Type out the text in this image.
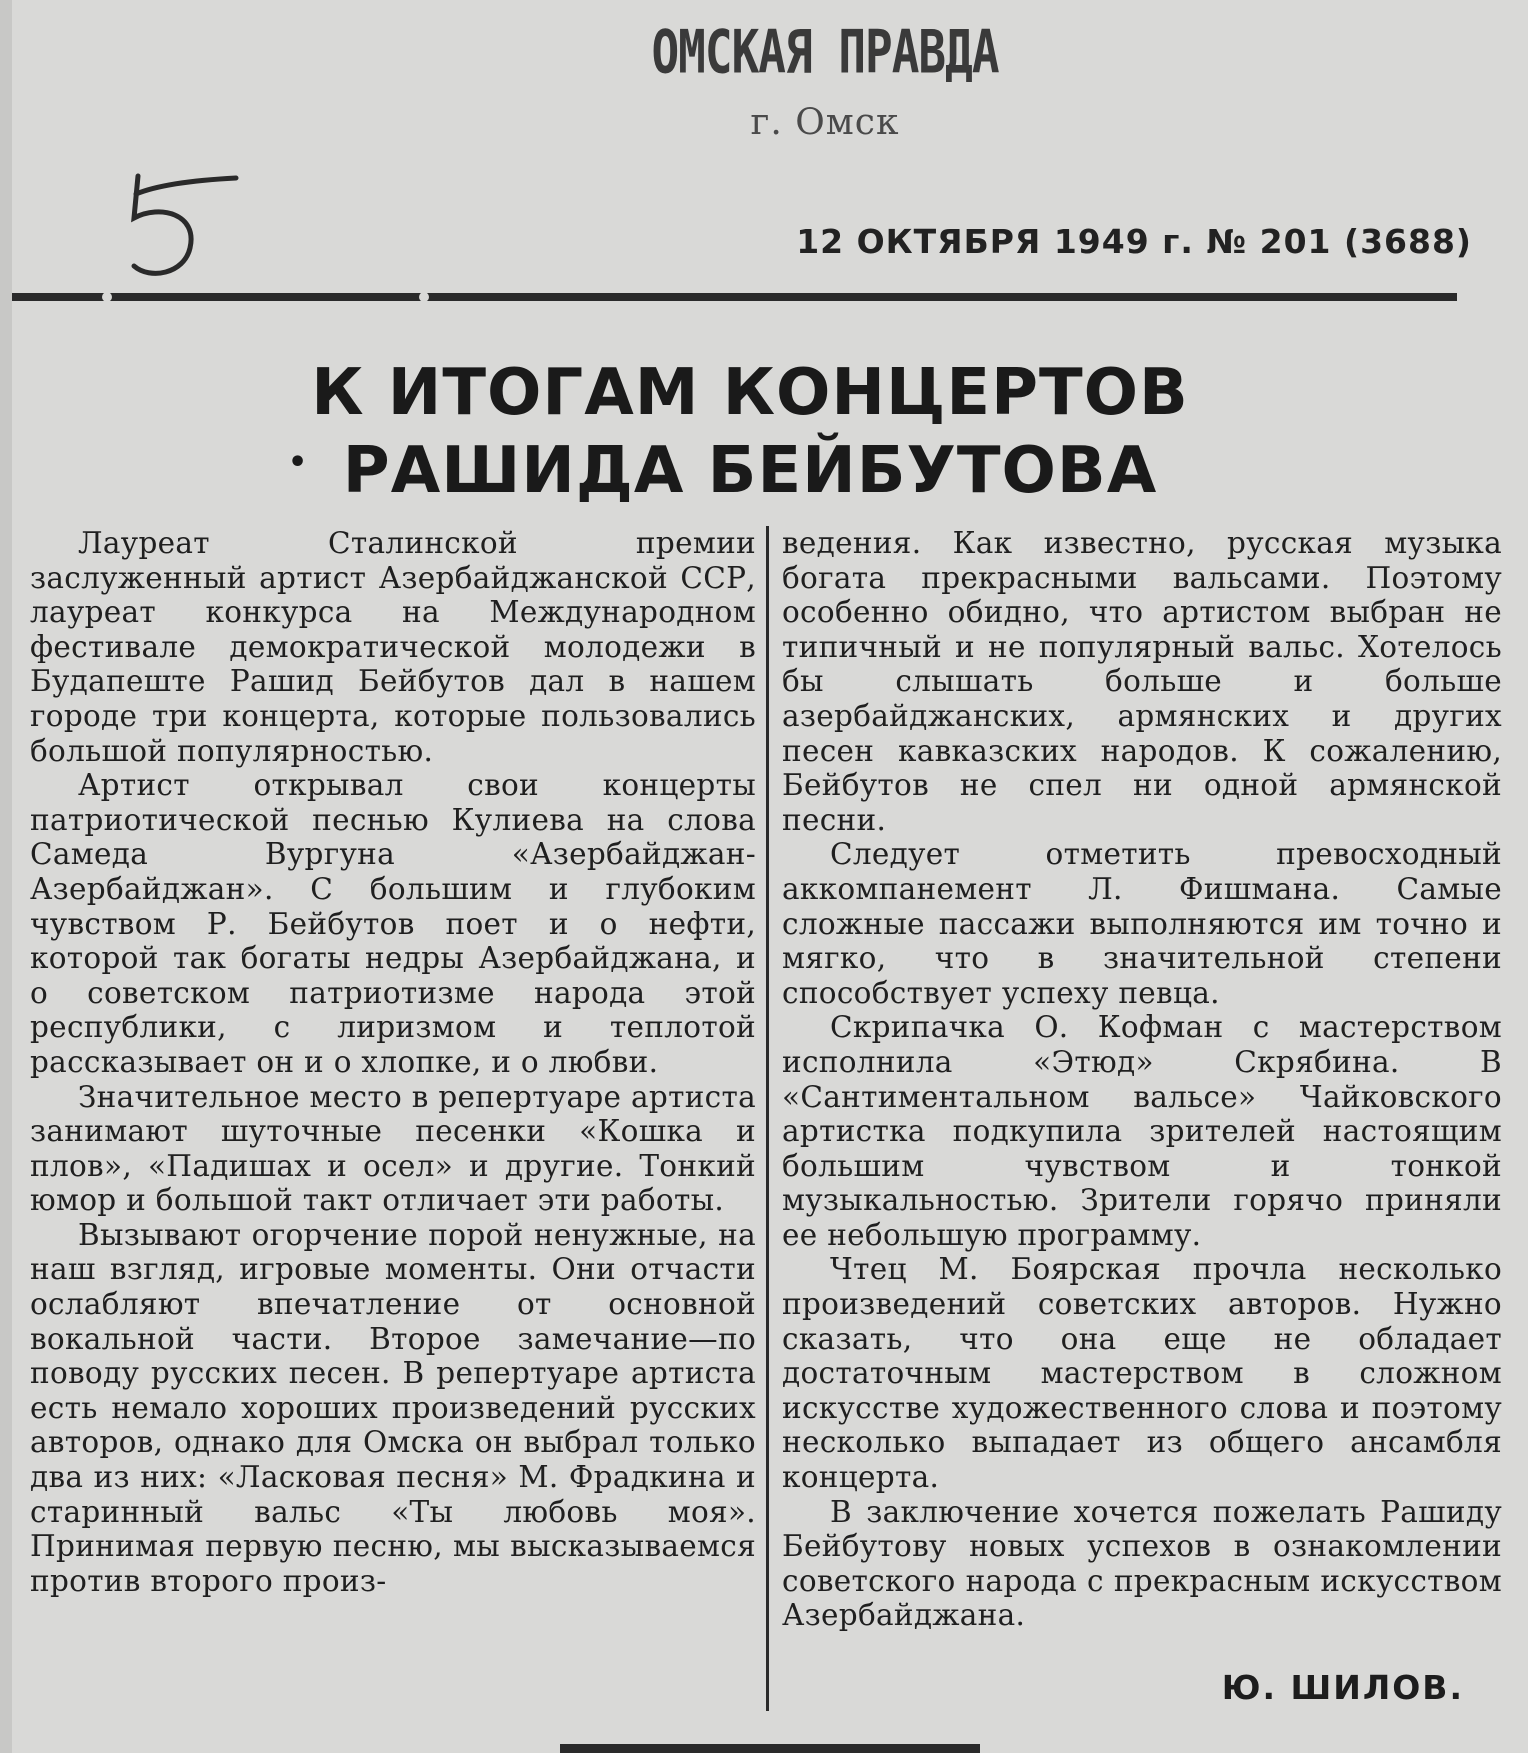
ОМСКАЯ ПРАВДА
г. Омск
12 ОКТЯБРЯ 1949 г. № 201 (3688)
•
К ИТОГАМ КОНЦЕРТОВ
РАШИДА БЕЙБУТОВА

Лауреат Сталинской премии заслуженный артист Азербайджанской ССР, лауреат конкурса на Международном фестивале демократической молодежи в Будапеште Рашид Бейбутов дал в нашем городе три концерта, которые пользовались большой популярностью.

Артист открывал свои концерты патриотической песнью Кулиева на слова Самеда Вургуна «Азербайджан-Азербайджан». С большим и глубоким чувством Р. Бейбутов поет и о нефти, которой так богаты недры Азербайджана, и о советском патриотизме народа этой республики, с лиризмом и теплотой рассказывает он и о хлопке, и о любви.

Значительное место в репертуаре артиста занимают шуточные песенки «Кошка и плов», «Падишах и осел» и другие. Тонкий юмор и большой такт отличает эти работы.

Вызывают огорчение порой ненужные, на наш взгляд, игровые моменты. Они отчасти ослабляют впечатление от основной вокальной части. Второе замечание—по поводу русских песен. В репертуаре артиста есть немало хороших произведений русских авторов, однако для Омска он выбрал только два из них: «Ласковая песня» М. Фрадкина и старинный вальс «Ты любовь моя». Принимая первую песню, мы высказываемся против второго произ-

ведения. Как известно, русская музыка богата прекрасными вальсами. Поэтому особенно обидно, что артистом выбран не типичный и не популярный вальс. Хотелось бы слышать больше и больше азербайджанских, армянских и других песен кавказских народов. К сожалению, Бейбутов не спел ни одной армянской песни.

Следует отметить превосходный аккомпанемент Л. Фишмана. Самые сложные пассажи выполняются им точно и мягко, что в значительной степени способствует успеху певца.

Скрипачка О. Кофман с мастерством исполнила «Этюд» Скрябина. В «Сантиментальном вальсе» Чайковского артистка подкупила зрителей настоящим большим чувством и тонкой музыкальностью. Зрители горячо приняли ее небольшую программу.

Чтец М. Боярская прочла несколько произведений советских авторов. Нужно сказать, что она еще не обладает достаточным мастерством в сложном искусстве художественного слова и поэтому несколько выпадает из общего ансамбля концерта.

В заключение хочется пожелать Рашиду Бейбутову новых успехов в ознакомлении советского народа с прекрасным искусством Азербайджана.

Ю. ШИЛОВ.
